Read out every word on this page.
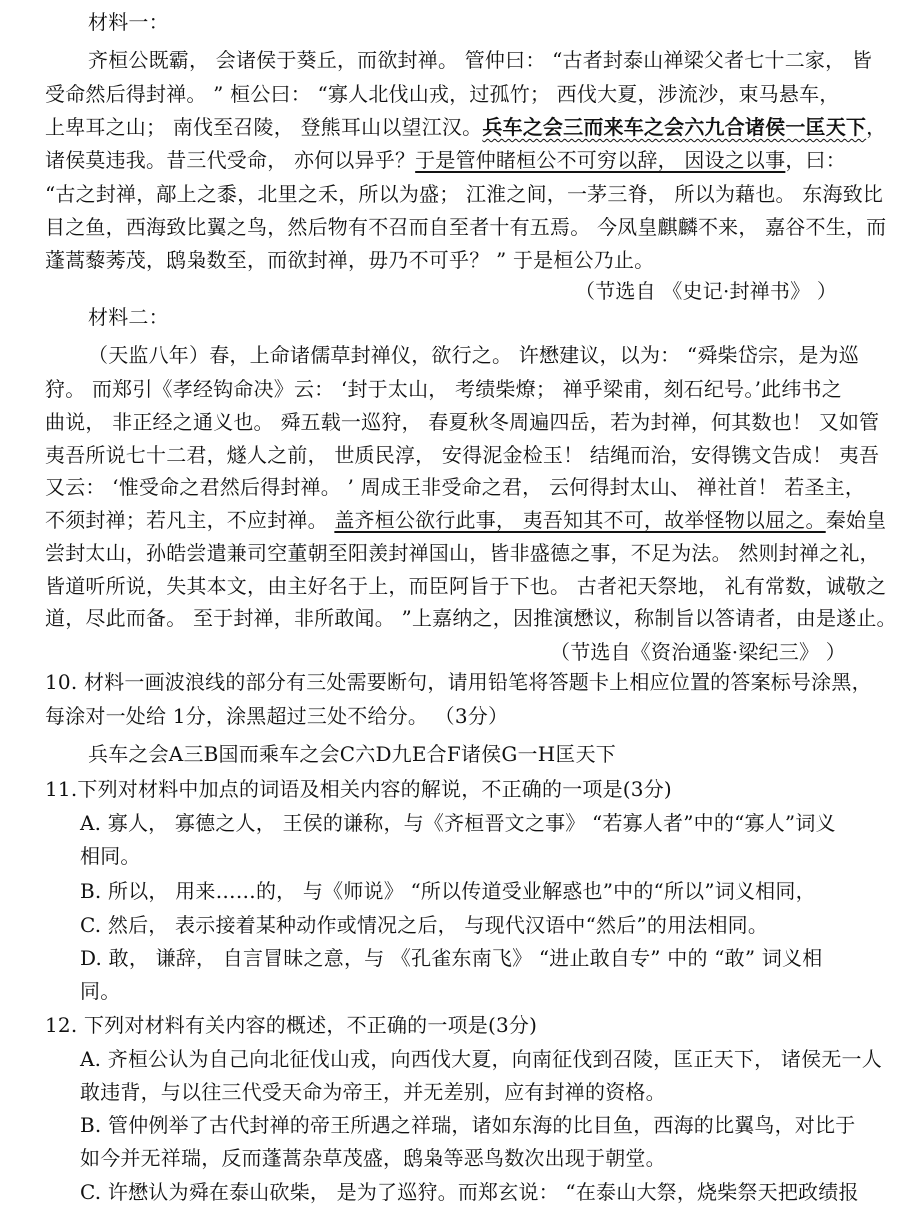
材料一：
齐桓公既霸， 会诸侯于葵丘，而欲封禅。 管仲曰： “古者封泰山禅梁父者七十二家， 皆
受命然后得封禅。 ” 桓公曰： “寡人北伐山戎，过孤竹； 西伐大夏，涉流沙，束马悬车，
上卑耳之山； 南伐至召陵， 登熊耳山以望江汉。兵车之会三而来车之会六九合诸侯一匡天下，
诸侯莫违我。昔三代受命， 亦何以异乎？于是管仲睹桓公不可穷以辞， 因设之以事，曰：
“古之封禅，鄗上之黍，北里之禾，所以为盛； 江淮之间，一茅三脊， 所以为藉也。 东海致比
目之鱼，西海致比翼之鸟，然后物有不召而自至者十有五焉。 今凤皇麒麟不来， 嘉谷不生，而
蓬蒿藜莠茂，鸱枭数至，而欲封禅，毋乃不可乎？ ” 于是桓公乃止。
（节选自 《史记·封禅书》 ）
材料二：
（天监八年）春，上命诸儒草封禅仪，欲行之。 许懋建议，以为： “舜柴岱宗，是为巡
狩。 而郑引《孝经钩命决》云： ‘封于太山， 考绩柴燎； 禅乎梁甫，刻石纪号。’此纬书之
曲说， 非正经之通义也。 舜五载一巡狩， 春夏秋冬周遍四岳，若为封禅，何其数也！ 又如管
夷吾所说七十二君，燧人之前， 世质民淳， 安得泥金检玉！ 结绳而治，安得镌文告成！ 夷吾
又云： ‘惟受命之君然后得封禅。 ’ 周成王非受命之君， 云何得封太山、 禅社首！ 若圣主，
不须封禅；若凡主，不应封禅。 盖齐桓公欲行此事， 夷吾知其不可，故举怪物以屈之。秦始皇
尝封太山，孙皓尝遣兼司空董朝至阳羡封禅国山，皆非盛德之事，不足为法。 然则封禅之礼，
皆道听所说，失其本文，由主好名于上，而臣阿旨于下也。 古者祀天祭地， 礼有常数，诚敬之
道，尽此而备。 至于封禅，非所敢闻。 ”上嘉纳之，因推演懋议，称制旨以答请者，由是遂止。
（节选自《资治通鉴·梁纪三》 ）
10. 材料一画波浪线的部分有三处需要断句，请用铅笔将答题卡上相应位置的答案标号涂黑，
每涂对一处给 1分，涂黑超过三处不给分。 （3分）
兵车之会A三B国而乘车之会C六D九E合F诸侯G一H匡天下
11.下列对材料中加点的词语及相关内容的解说，不正确的一项是(3分)
A. 寡人， 寡德之人， 王侯的谦称，与《齐桓晋文之事》 “若寡人者”中的“寡人”词义
相同。
B. 所以， 用来……的， 与《师说》 “所以传道受业解惑也”中的“所以”词义相同，
C. 然后， 表示接着某种动作或情况之后， 与现代汉语中“然后”的用法相同。
D. 敢， 谦辞， 自言冒昧之意，与 《孔雀东南飞》 “进止敢自专” 中的 “敢” 词义相
同。
12. 下列对材料有关内容的概述，不正确的一项是(3分)
A. 齐桓公认为自己向北征伐山戎，向西伐大夏，向南征伐到召陵，匡正天下， 诸侯无一人
敢违背，与以往三代受天命为帝王，并无差别，应有封禅的资格。
B. 管仲例举了古代封禅的帝王所遇之祥瑞，诸如东海的比目鱼，西海的比翼鸟，对比于
如今并无祥瑞，反而蓬蒿杂草茂盛，鸱枭等恶鸟数次出现于朝堂。
C. 许懋认为舜在泰山砍柴， 是为了巡狩。而郑玄说： “在泰山大祭，烧柴祭天把政绩报
